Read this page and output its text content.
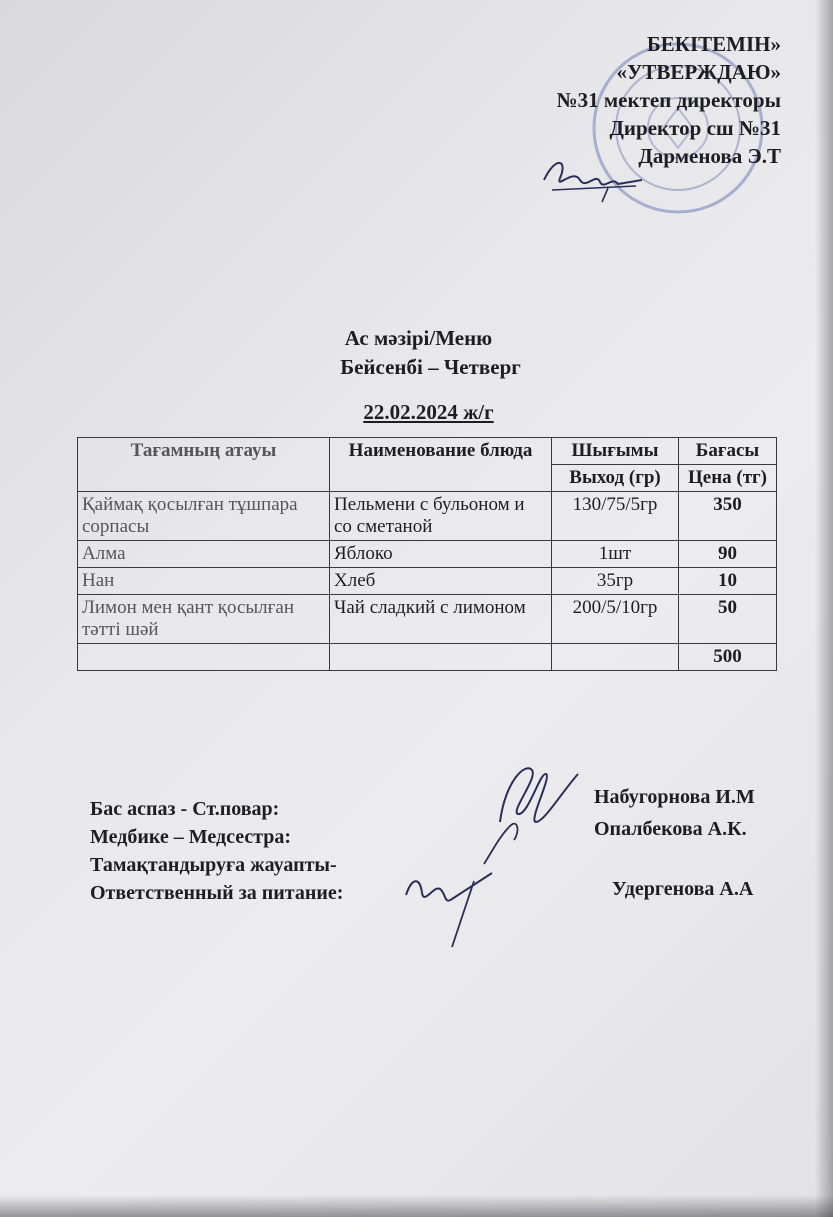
БЕКІТЕМІН»
«УТВЕРЖДАЮ»
№31 мектеп директоры
Директор сш №31
Дарменова Э.Т
Ас мәзірі/Меню
Бейсенбі – Четверг
22.02.2024 ж/г
Тағамның атауы	Наименование блюда	Шығымы	Бағасы
		Выход (гр)	Цена (тг)
Қаймақ қосылған тұшпара сорпасы	Пельмени с бульоном и со сметаной	130/75/5гр	350
Алма	Яблоко	1шт	90
Нан	Хлеб	35гр	10
Лимон мен қант қосылған тәтті шәй	Чай сладкий с лимоном	200/5/10гр	50
			500
Бас аспаз - Ст.повар:
Медбике – Медсестра:
Тамақтандыруға жауапты-
Ответственный за питание:
Набугорнова И.М
Опалбекова А.К.
Удергенова А.А
